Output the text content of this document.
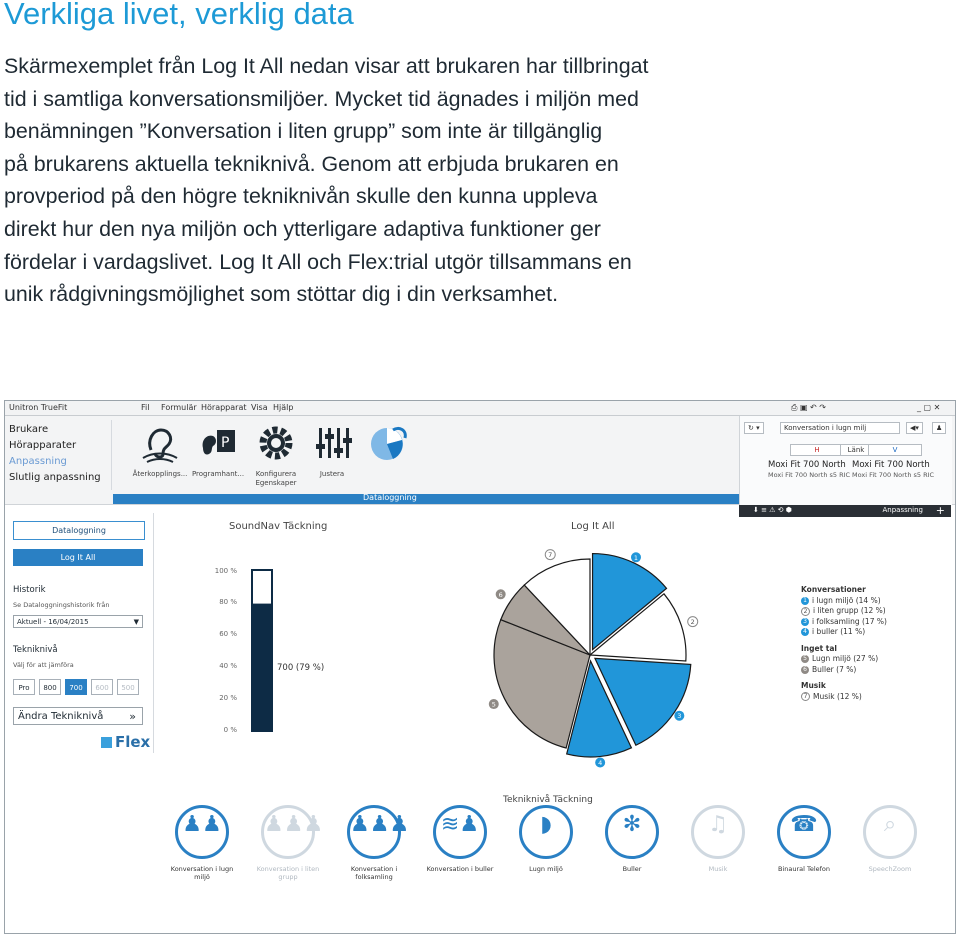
Verkliga livet, verklig data

Skärmexemplet från Log It All nedan visar att brukaren har tillbringat
tid i samtliga konversationsmiljöer. Mycket tid ägnades i miljön med
benämningen ”Konversation i liten grupp” som inte är tillgänglig
på brukarens aktuella teknikniv​å. Genom att erbjuda brukaren en
provperiod på den högre teknikniv​ån skulle den kunna uppleva
direkt hur den nya miljön och ytterligare adaptiva funktioner ger
fördelar i vardagslivet. Log It All och Flex:trial utgör tillsammans en
unik rådgivningsmöjlighet som stöttar dig i din verksamhet.

Unitron TrueFit	Fil Formulär Hörapparat Visa Hjälp	⎙ ▣ ↶ ↷	_ ▢ ✕
Brukare
Hörapparater
Anpassning
Slutlig anpassning	Återkopplings...
P
Programhant...	Konfigurera Egenskaper
Justera
Dataloggning
↻ ▾	Konversation i lugn milj	◀▾	♟
H	Länk	V
Moxi Fit 700 North
Moxi Fit 700 North s5 RIC
Moxi Fit 700 North
Moxi Fit 700 North s5 RIC
⬇ ≡ ⚠ ⟲ ⬢	Anpassning +
Dataloggning
Log It All
Historik
Se Dataloggningshistorik från
Aktuell - 16/04/2015	▼
Teknikniv​å
Välj för att jämföra
Pro	800	700	600	500
Ändra Teknikniv​å »
Flex
SoundNav Täckning
100 %
80 %
60 %
40 %
20 %
0 %
700 (79 %)
Log It All
1
2
3
4
5
6
7
Konversationer
1 i lugn miljö (14 %)
2 i liten grupp (12 %)
3 i folksamling (17 %)
4 i buller (11 %)
Inget tal
5 Lugn miljö (27 %)
6 Buller (7 %)
Musik
7 Musik (12 %)
Teknikniv​å Täckning
♟♟
Konversation i lugn miljö
♟♟♟
Konversation i liten grupp
♟♟♟
Konversation i folksamling
≋♟
Konversation i buller
◗
Lugn miljö
✻
Buller
♫
Musik
☎
Binaural Telefon
⌕
SpeechZoom
